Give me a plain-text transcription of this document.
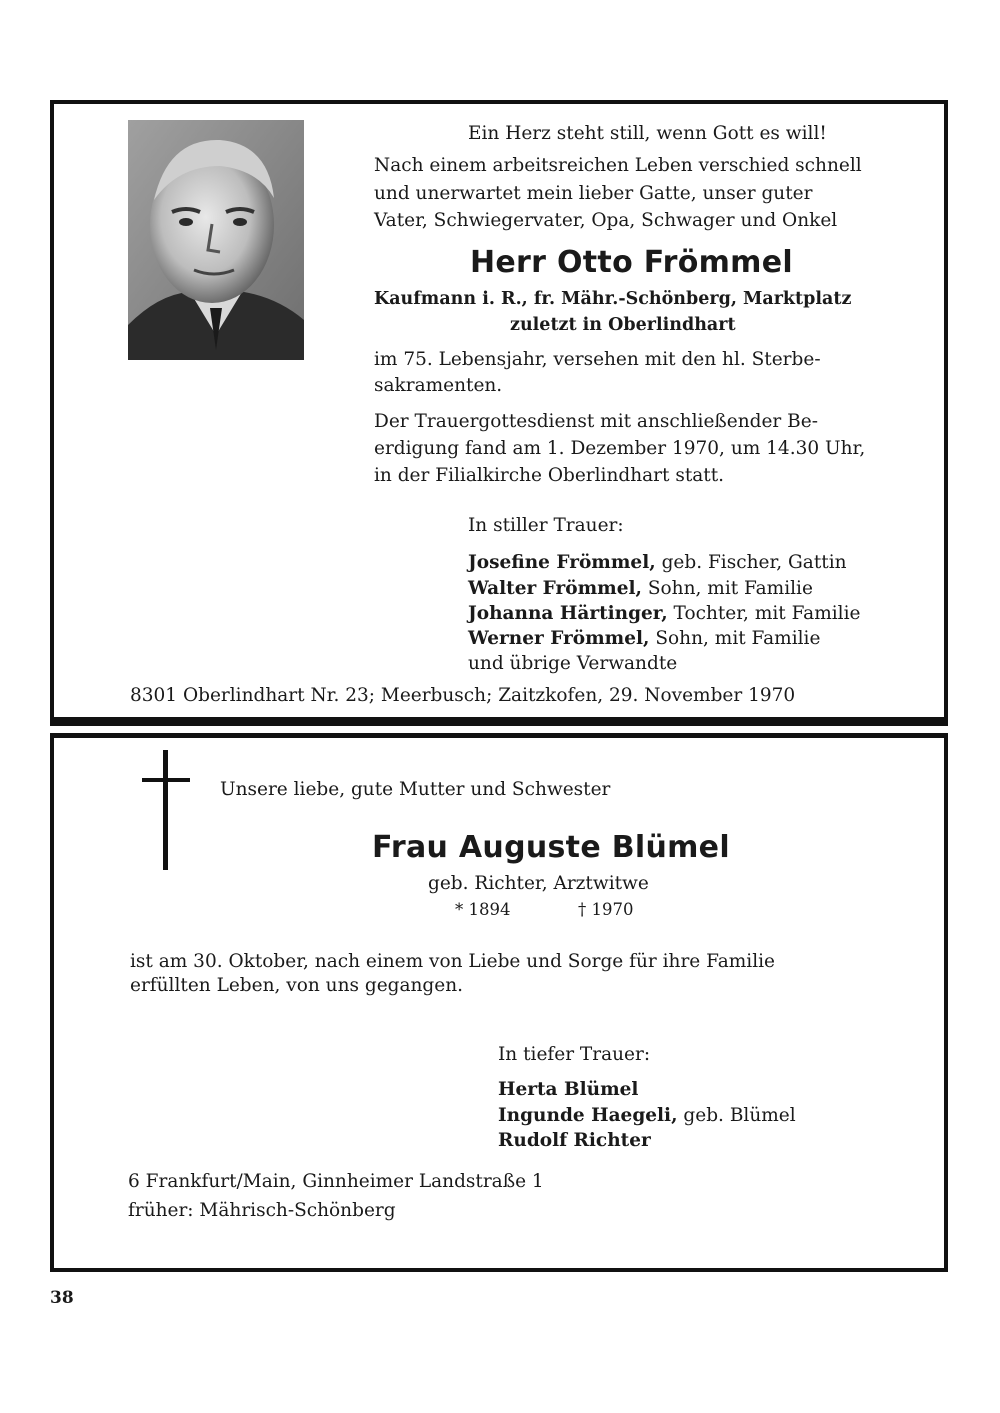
Ein Herz steht still, wenn Gott es will!
Nach einem arbeitsreichen Leben verschied schnell
und unerwartet mein lieber Gatte, unser guter
Vater, Schwiegervater, Opa, Schwager und Onkel
Herr Otto Frömmel
Kaufmann i. R., fr. Mähr.-Schönberg, Marktplatz
zuletzt in Oberlindhart
im 75. Lebensjahr, versehen mit den hl. Sterbe-
sakramenten.
Der Trauergottesdienst mit anschließender Be-
erdigung fand am 1. Dezember 1970, um 14.30 Uhr,
in der Filialkirche Oberlindhart statt.
In stiller Trauer:
Josefine Frömmel, geb. Fischer, Gattin
Walter Frömmel, Sohn, mit Familie
Johanna Härtinger, Tochter, mit Familie
Werner Frömmel, Sohn, mit Familie
und übrige Verwandte
8301 Oberlindhart Nr. 23; Meerbusch; Zaitzkofen, 29. November 1970
Unsere liebe, gute Mutter und Schwester
Frau Auguste Blümel
geb. Richter, Arztwitwe
* 1894	† 1970
ist am 30. Oktober, nach einem von Liebe und Sorge für ihre Familie
erfüllten Leben, von uns gegangen.
In tiefer Trauer:
Herta Blümel
Ingunde Haegeli, geb. Blümel
Rudolf Richter
6 Frankfurt/Main, Ginnheimer Landstraße 1
früher: Mährisch-Schönberg
38
